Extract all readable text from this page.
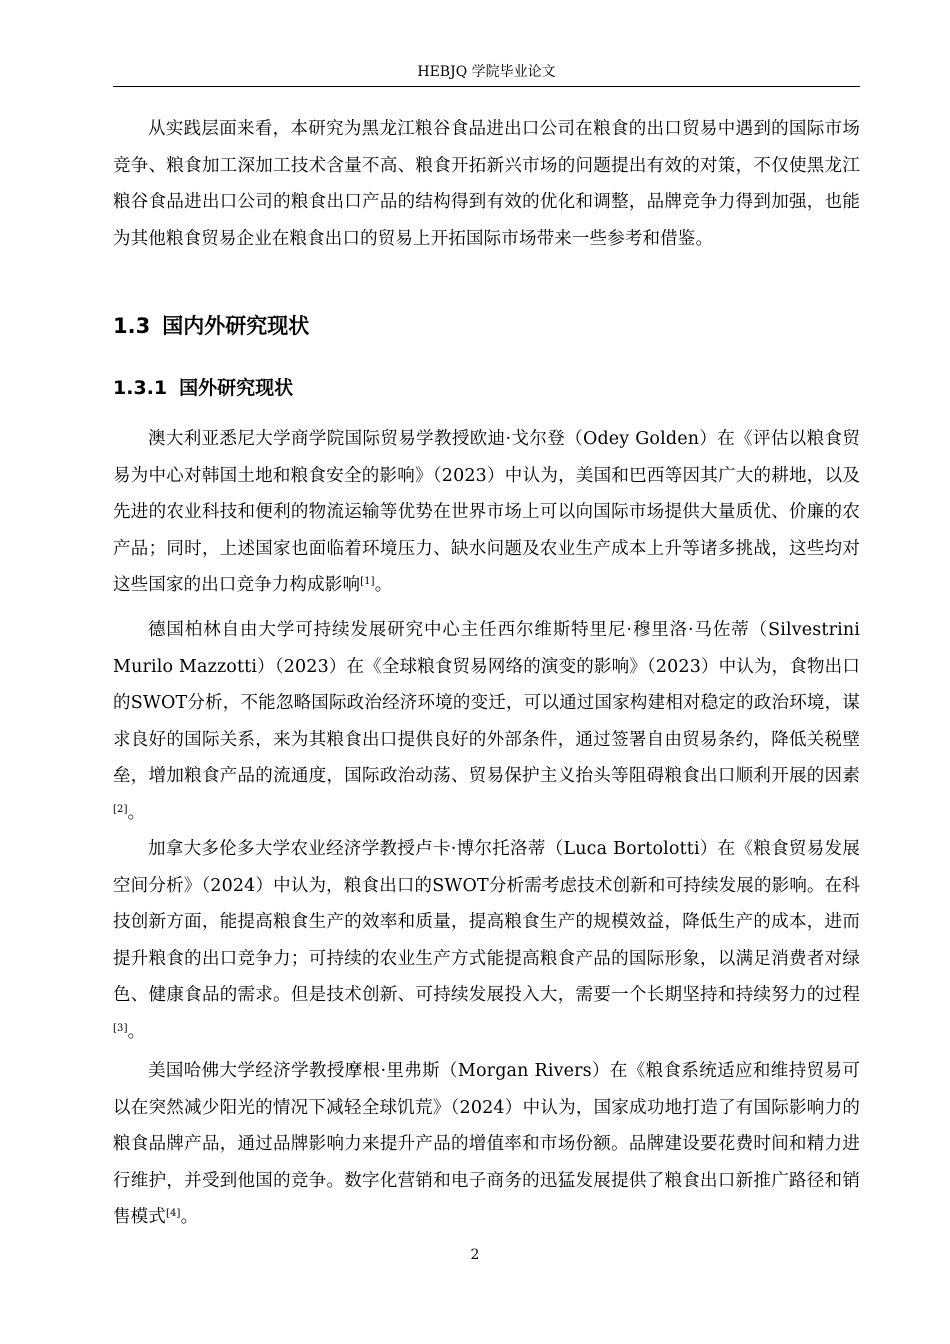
HEBJQ 学院毕业论文

从实践层面来看，本研究为黑龙江粮谷食品进出口公司在粮食的出口贸易中遇到的国际市场竞争、粮食加工深加工技术含量不高、粮食开拓新兴市场的问题提出有效的对策，不仅使黑龙江粮谷食品进出口公司的粮食出口产品的结构得到有效的优化和调整，品牌竞争力得到加强，也能为其他粮食贸易企业在粮食出口的贸易上开拓国际市场带来一些参考和借鉴。

1.3 国内外研究现状
1.3.1 国外研究现状

澳大利亚悉尼大学商学院国际贸易学教授欧迪·戈尔登（Odey Golden）在《评估以粮食贸易为中心对韩国土地和粮食安全的影响》（2023）中认为，美国和巴西等因其广大的耕地，以及先进的农业科技和便利的物流运输等优势在世界市场上可以向国际市场提供大量质优、价廉的农产品；同时，上述国家也面临着环境压力、缺水问题及农业生产成本上升等诸多挑战，这些均对这些国家的出口竞争力构成影响[1]。

德国柏林自由大学可持续发展研究中心主任西尔维斯特里尼·穆里洛·马佐蒂（Silvestrini Murilo Mazzotti）（2023）在《全球粮食贸易网络的演变的影响》（2023）中认为，食物出口的SWOT分析，不能忽略国际政治经济环境的变迁，可以通过国家构建相对稳定的政治环境，谋求良好的国际关系，来为其粮食出口提供良好的外部条件，通过签署自由贸易条约，降低关税壁垒，增加粮食产品的流通度，国际政治动荡、贸易保护主义抬头等阻碍粮食出口顺利开展的因素[2]。

加拿大多伦多大学农业经济学教授卢卡·博尔托洛蒂（Luca Bortolotti）在《粮食贸易发展空间分析》（2024）中认为，粮食出口的SWOT分析需考虑技术创新和可持续发展的影响。在科技创新方面，能提高粮食生产的效率和质量，提高粮食生产的规模效益，降低生产的成本，进而提升粮食的出口竞争力；可持续的农业生产方式能提高粮食产品的国际形象，以满足消费者对绿色、健康食品的需求。但是技术创新、可持续发展投入大，需要一个长期坚持和持续努力的过程[3]。

美国哈佛大学经济学教授摩根·里弗斯（Morgan Rivers）在《粮食系统适应和维持贸易可以在突然减少阳光的情况下减轻全球饥荒》（2024）中认为，国家成功地打造了有国际影响力的粮食品牌产品，通过品牌影响力来提升产品的增值率和市场份额。品牌建设要花费时间和精力进行维护，并受到他国的竞争。数字化营销和电子商务的迅猛发展提供了粮食出口新推广路径和销售模式[4]。

2
